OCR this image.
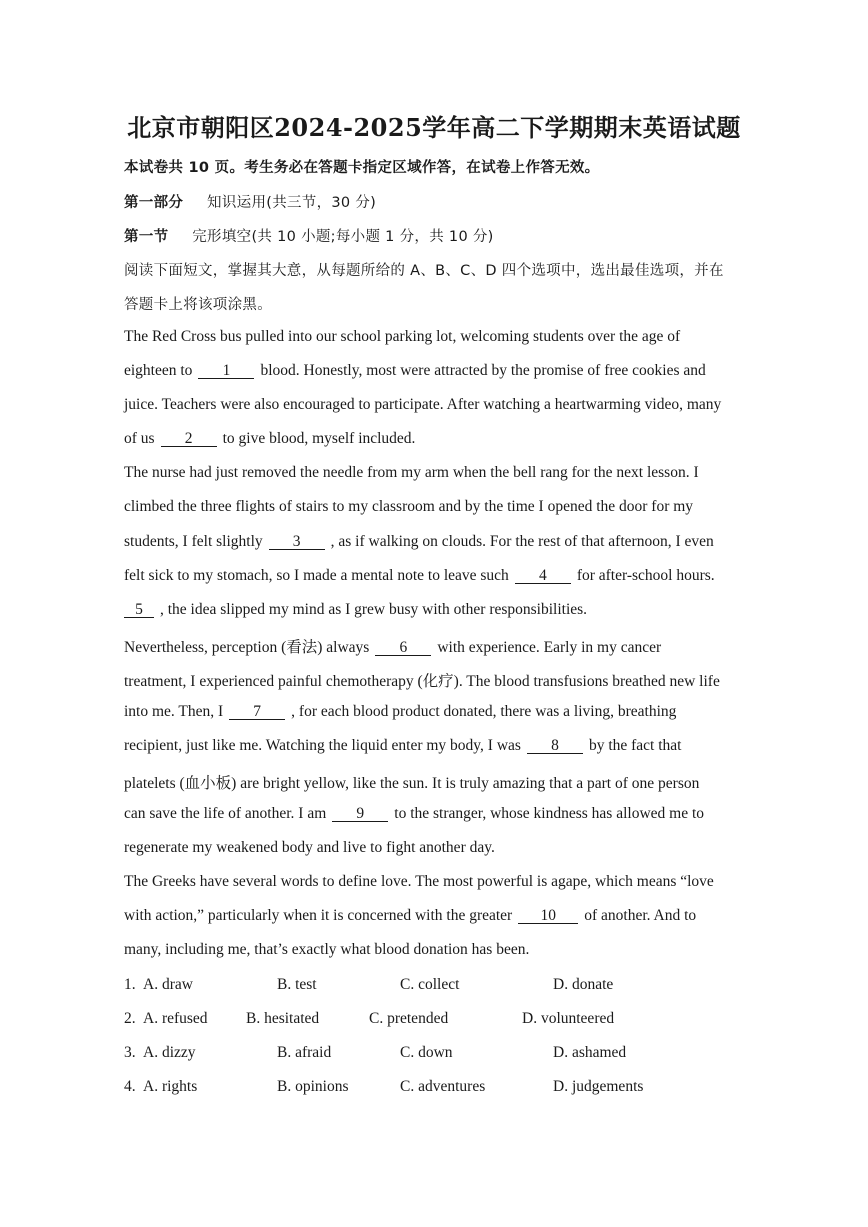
北京市朝阳区2024-2025学年高二下学期期末英语试题
本试卷共 10 页。考生务必在答题卡指定区域作答，在试卷上作答无效。
第一部分 知识运用(共三节，30 分)
第一节 完形填空(共 10 小题;每小题 1 分，共 10 分)
阅读下面短文，掌握其大意，从每题所给的 A、B、C、D 四个选项中，选出最佳选项，并在
答题卡上将该项涂黑。
The Red Cross bus pulled into our school parking lot, welcoming students over the age of
eighteen to 1 blood. Honestly, most were attracted by the promise of free cookies and
juice. Teachers were also encouraged to participate. After watching a heartwarming video, many
of us 2 to give blood, myself included.
The nurse had just removed the needle from my arm when the bell rang for the next lesson. I
climbed the three flights of stairs to my classroom and by the time I opened the door for my
students, I felt slightly 3 , as if walking on clouds. For the rest of that afternoon, I even
felt sick to my stomach, so I made a mental note to leave such 4 for after-school hours.
5 , the idea slipped my mind as I grew busy with other responsibilities.
Nevertheless, perception (看法) always 6 with experience. Early in my cancer
treatment, I experienced painful chemotherapy (化疗). The blood transfusions breathed new life
into me. Then, I 7 , for each blood product donated, there was a living, breathing
recipient, just like me. Watching the liquid enter my body, I was 8 by the fact that
platelets (血小板) are bright yellow, like the sun. It is truly amazing that a part of one person
can save the life of another. I am 9 to the stranger, whose kindness has allowed me to
regenerate my weakened body and live to fight another day.
The Greeks have several words to define love. The most powerful is agape, which means “love
with action,” particularly when it is concerned with the greater 10 of another. And to
many, including me, that’s exactly what blood donation has been.
1. A. draw	B. test	C. collect	D. donate
2. A. refused B. hesitated	C. pretended	D. volunteered
3. A. dizzy	B. afraid	C. down	D. ashamed
4. A. rights	B. opinions	C. adventures	D. judgements
